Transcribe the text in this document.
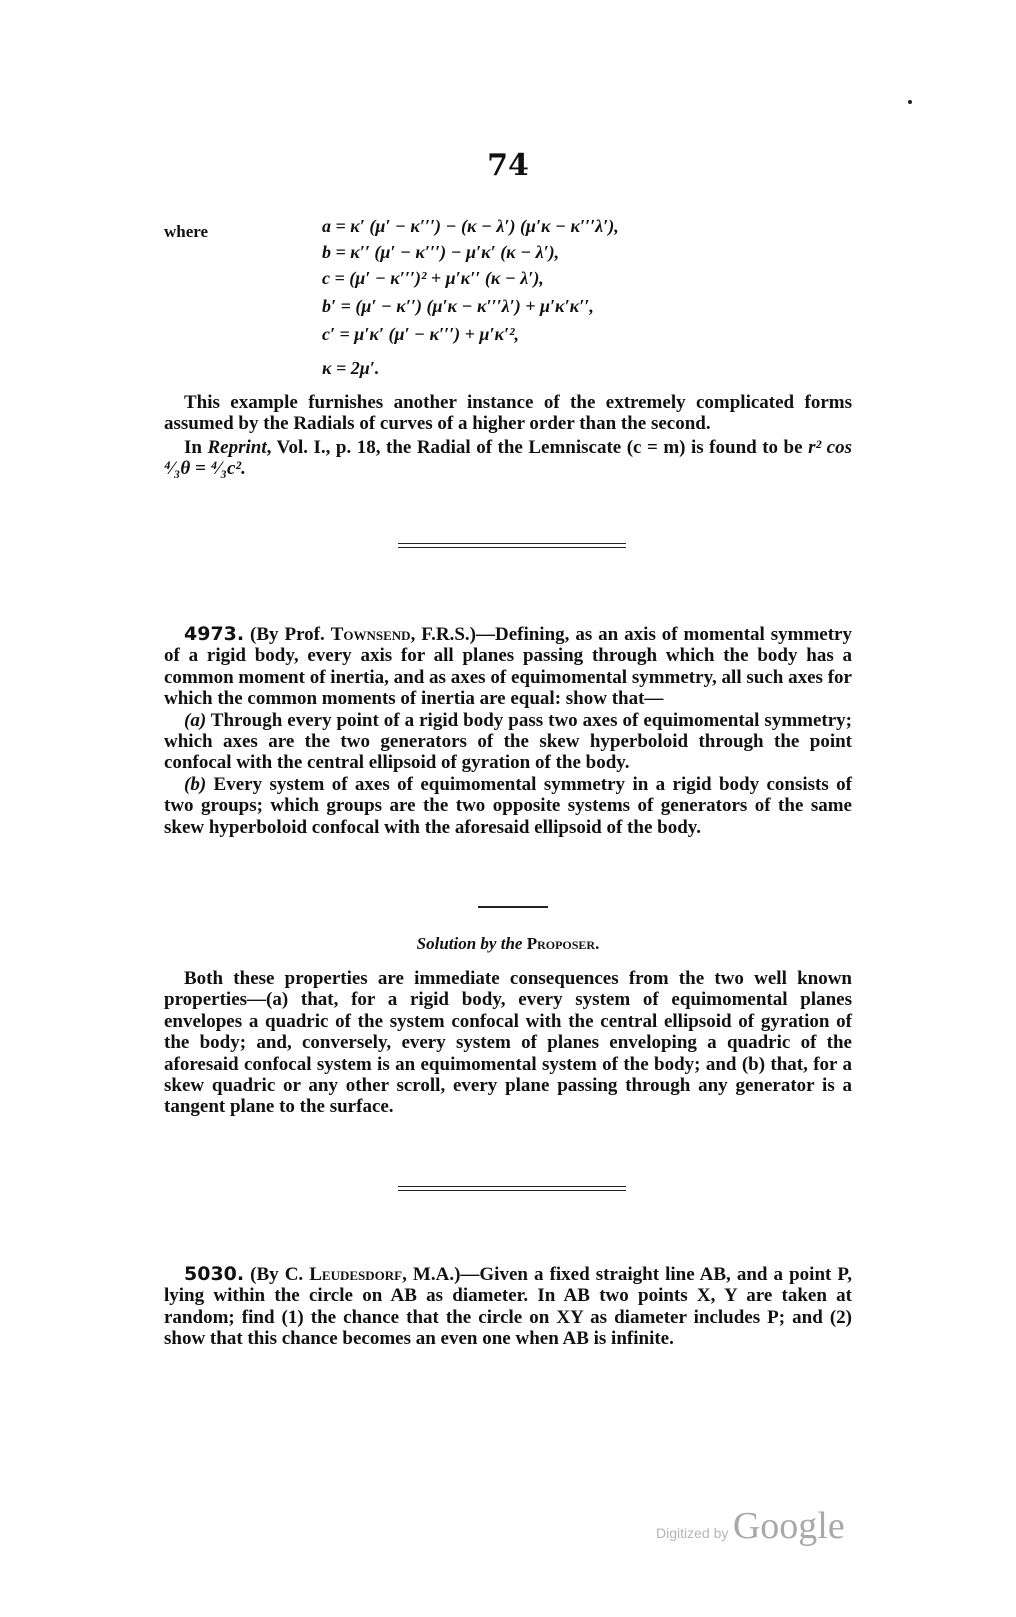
74
where	a = κ′ (μ′ − κ′′′) − (κ − λ′) (μ′κ − κ′′′λ′),
b = κ′′ (μ′ − κ′′′) − μ′κ′ (κ − λ′),
c = (μ′ − κ′′′)² + μ′κ′′ (κ − λ′),
b′ = (μ′ − κ′′) (μ′κ − κ′′′λ′) + μ′κ′κ′′,
c′ = μ′κ′ (μ′ − κ′′′) + μ′κ′²,
κ = 2μ′.

This example furnishes another instance of the extremely complicated forms assumed by the Radials of curves of a higher order than the second.

In Reprint, Vol. I., p. 18, the Radial of the Lemniscate (c = m) is found to be r² cos ⁴⁄₃θ = ⁴⁄₃c².

4973. (By Prof. Townsend, F.R.S.)—Defining, as an axis of momental symmetry of a rigid body, every axis for all planes passing through which the body has a common moment of inertia, and as axes of equimomental symmetry, all such axes for which the common moments of inertia are equal: show that—

(a) Through every point of a rigid body pass two axes of equimomental symmetry; which axes are the two generators of the skew hyperboloid through the point confocal with the central ellipsoid of gyration of the body.

(b) Every system of axes of equimomental symmetry in a rigid body consists of two groups; which groups are the two opposite systems of generators of the same skew hyperboloid confocal with the aforesaid ellipsoid of the body.

Solution by the Proposer.

Both these properties are immediate consequences from the two well known properties—(a) that, for a rigid body, every system of equimomental planes envelopes a quadric of the system confocal with the central ellipsoid of gyration of the body; and, conversely, every system of planes enveloping a quadric of the aforesaid confocal system is an equimomental system of the body; and (b) that, for a skew quadric or any other scroll, every plane passing through any generator is a tangent plane to the surface.

5030. (By C. Leudesdorf, M.A.)—Given a fixed straight line AB, and a point P, lying within the circle on AB as diameter. In AB two points X, Y are taken at random; find (1) the chance that the circle on XY as diameter includes P; and (2) show that this chance becomes an even one when AB is infinite.

Digitized by Google
